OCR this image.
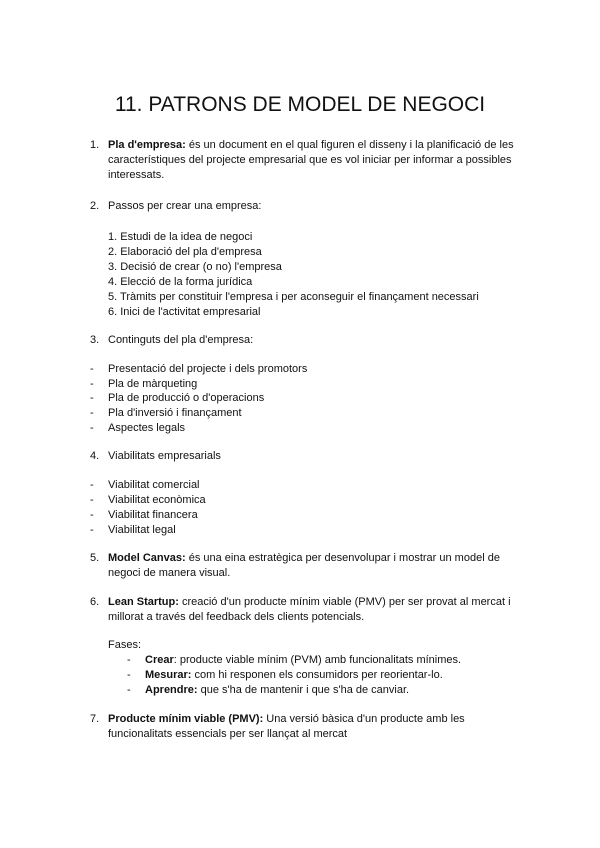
11. PATRONS DE MODEL DE NEGOCI
1. Pla d'empresa: és un document en el qual figuren el disseny i la planificació de les
característiques del projecte empresarial que es vol iniciar per informar a possibles
interessats.
2. Passos per crear una empresa:
1. Estudi de la idea de negoci
2. Elaboració del pla d'empresa
3. Decisió de crear (o no) l'empresa
4. Elecció de la forma jurídica
5. Tràmits per constituir l'empresa i per aconseguir el finançament necessari
6. Inici de l'activitat empresarial
3. Continguts del pla d'empresa:
- Presentació del projecte i dels promotors
- Pla de màrqueting
- Pla de producció o d'operacions
- Pla d'inversió i finançament
- Aspectes legals
4. Viabilitats empresarials
- Viabilitat comercial
- Viabilitat econòmica
- Viabilitat financera
- Viabilitat legal
5. Model Canvas: és una eina estratègica per desenvolupar i mostrar un model de
negoci de manera visual.
6. Lean Startup: creació d'un producte mínim viable (PMV) per ser provat al mercat i
millorat a través del feedback dels clients potencials.
Fases:
- Crear: producte viable mínim (PVM) amb funcionalitats mínimes.
- Mesurar: com hi responen els consumidors per reorientar-lo.
- Aprendre: que s'ha de mantenir i que s'ha de canviar.
7. Producte mínim viable (PMV): Una versió bàsica d'un producte amb les
funcionalitats essencials per ser llançat al mercat
